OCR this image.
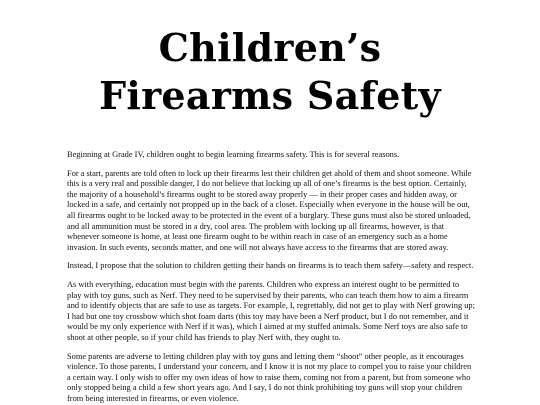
Children’s
Firearms Safety

Beginning at Grade IV, children ought to begin learning firearms safety. This is for several reasons.

For a start, parents are told often to lock up their firearms lest their children get ahold of them and shoot someone. While this is a very real and possible danger, I do not believe that locking up all of one’s firearms is the best option. Certainly, the majority of a household’s firearms ought to be stored away properly — in their proper cases and hidden away, or locked in a safe, and certainly not propped up in the back of a closet. Especially when everyone in the house will be out, all firearms ought to be locked away to be protected in the event of a burglary. These guns must also be stored unloaded, and all ammunition must be stored in a dry, cool area. The problem with locking up all firearms, however, is that whenever someone is home, at least one firearm ought to be within reach in case of an emergency such as a home invasion. In such events, seconds matter, and one will not always have access to the firearms that are stored away.

Instead, I propose that the solution to children getting their hands on firearms is to teach them safety—safety and respect.

As with everything, education must begin with the parents. Children who express an interest ought to be permitted to play with toy guns, such as Nerf. They need to be supervised by their parents, who can teach them how to aim a firearm and to identify objects that are safe to use as targets. For example, I, regrettably, did not get to play with Nerf growing up; I had but one toy crossbow which shot foam darts (this toy may have been a Nerf product, but I do not remember, and it would be my only experience with Nerf if it was), which I aimed at my stuffed animals. Some Nerf toys are also safe to shoot at other people, so if your child has friends to play Nerf with, they ought to.

Some parents are adverse to letting children play with toy guns and letting them “shoot” other people, as it encourages violence. To those parents, I understand your concern, and I know it is not my place to compel you to raise your children a certain way. I only wish to offer my own ideas of how to raise them, coming not from a parent, but from someone who only stopped being a child a few short years ago. And I say, I do not think prohibiting toy guns will stop your children from being interested in firearms, or even violence.
